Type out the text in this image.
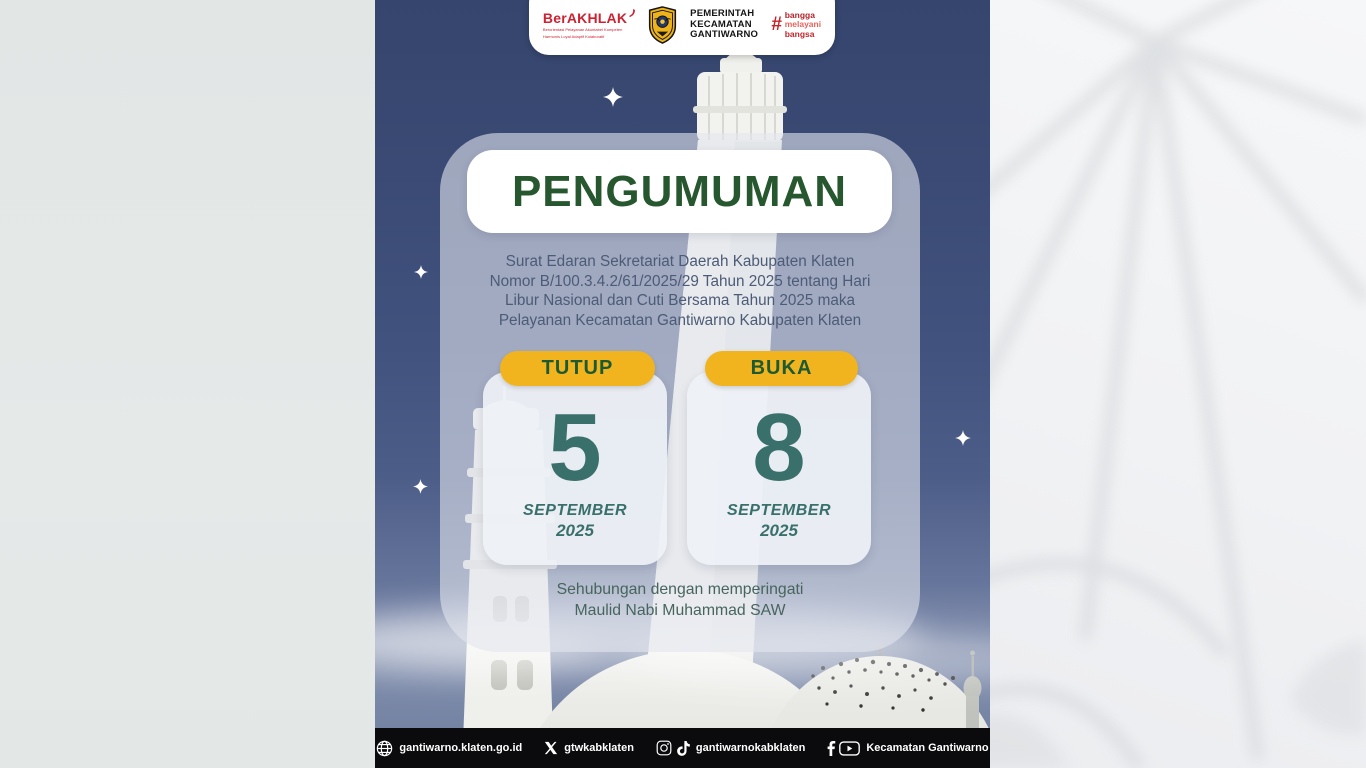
PENGUMUMAN
Surat Edaran Sekretariat Daerah Kabupaten Klaten
Nomor B/100.3.4.2/61/2025/29 Tahun 2025 tentang Hari
Libur Nasional dan Cuti Bersama Tahun 2025 maka
Pelayanan Kecamatan Gantiwarno Kabupaten Klaten
TUTUP	BUKA
5
SEPTEMBER
2025
8
SEPTEMBER
2025
Sehubungan dengan memperingati
Maulid Nabi Muhammad SAW
BerAKHLAK
Berorientasi Pelayanan Akuntabel Kompeten
Harmonis Loyal Adaptif Kolaboratif
PEMERINTAH
KECAMATAN
GANTIWARNO # bangga
melayani
bangsa
gantiwarno.klaten.go.id	gtwkabklaten	gantiwarnokabklaten	Kecamatan Gantiwarno
